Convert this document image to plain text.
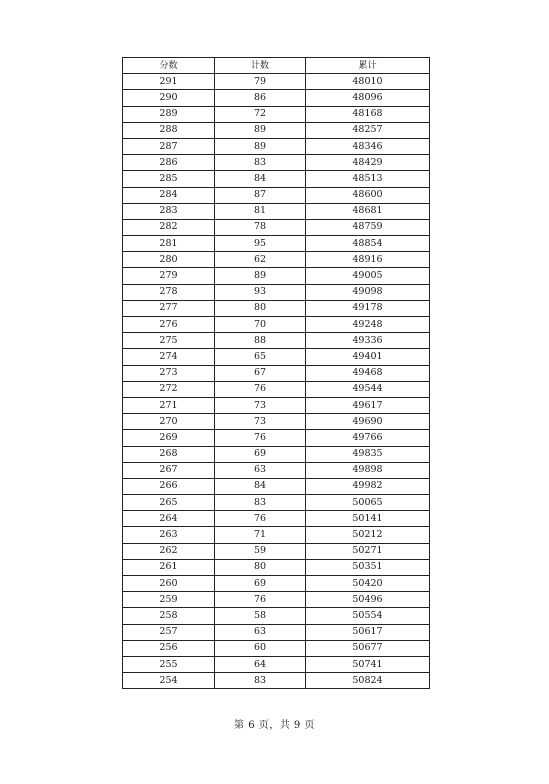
分数	计数	累计
291	79	48010
290	86	48096
289	72	48168
288	89	48257
287	89	48346
286	83	48429
285	84	48513
284	87	48600
283	81	48681
282	78	48759
281	95	48854
280	62	48916
279	89	49005
278	93	49098
277	80	49178
276	70	49248
275	88	49336
274	65	49401
273	67	49468
272	76	49544
271	73	49617
270	73	49690
269	76	49766
268	69	49835
267	63	49898
266	84	49982
265	83	50065
264	76	50141
263	71	50212
262	59	50271
261	80	50351
260	69	50420
259	76	50496
258	58	50554
257	63	50617
256	60	50677
255	64	50741
254	83	50824
第 6 页，共 9 页
